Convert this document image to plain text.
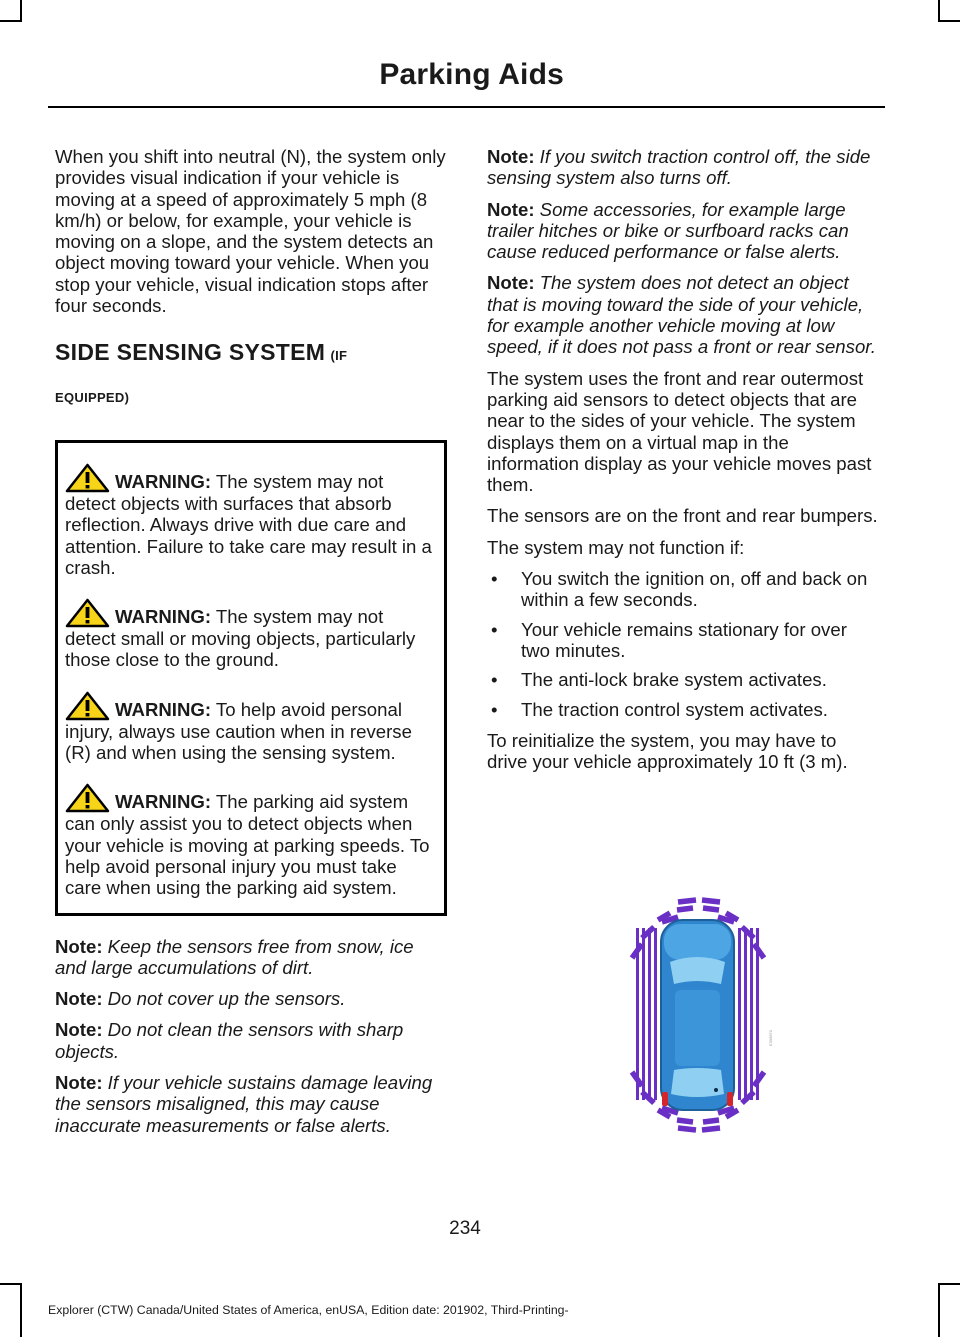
Parking Aids

When you shift into neutral (N), the system only provides visual indication if your vehicle is moving at a speed of approximately 5 mph (8 km/h) or below, for example, your vehicle is moving on a slope, and the system detects an object moving toward your vehicle. When you stop your vehicle, visual indication stops after four seconds.

SIDE SENSING SYSTEM (IF
EQUIPPED)
WARNING: The system may not detect objects with surfaces that absorb reflection. Always drive with due care and attention. Failure to take care may result in a crash.
WARNING: The system may not detect small or moving objects, particularly those close to the ground.
WARNING: To help avoid personal injury, always use caution when in reverse (R) and when using the sensing system.
WARNING: The parking aid system can only assist you to detect objects when your vehicle is moving at parking speeds. To help avoid personal injury you must take care when using the parking aid system.

Note: Keep the sensors free from snow, ice and large accumulations of dirt.

Note: Do not cover up the sensors.

Note: Do not clean the sensors with sharp objects.

Note: If your vehicle sustains damage leaving the sensors misaligned, this may cause inaccurate measurements or false alerts.

Note: If you switch traction control off, the side sensing system also turns off.

Note: Some accessories, for example large trailer hitches or bike or surfboard racks can cause reduced performance or false alerts.

Note: The system does not detect an object that is moving toward the side of your vehicle, for example another vehicle moving at low speed, if it does not pass a front or rear sensor.

The system uses the front and rear outermost parking aid sensors to detect objects that are near to the sides of your vehicle. The system displays them on a virtual map in the information display as your vehicle moves past them.

The sensors are on the front and rear bumpers.

The system may not function if:

• You switch the ignition on, off and back on within a few seconds.
• Your vehicle remains stationary for over two minutes.
• The anti-lock brake system activates.
• The traction control system activates.

To reinitialize the system, you may have to drive your vehicle approximately 10 ft (3 m).

E306870
234
Explorer (CTW) Canada/United States of America, enUSA, Edition date: 201902, Third-Printing-
